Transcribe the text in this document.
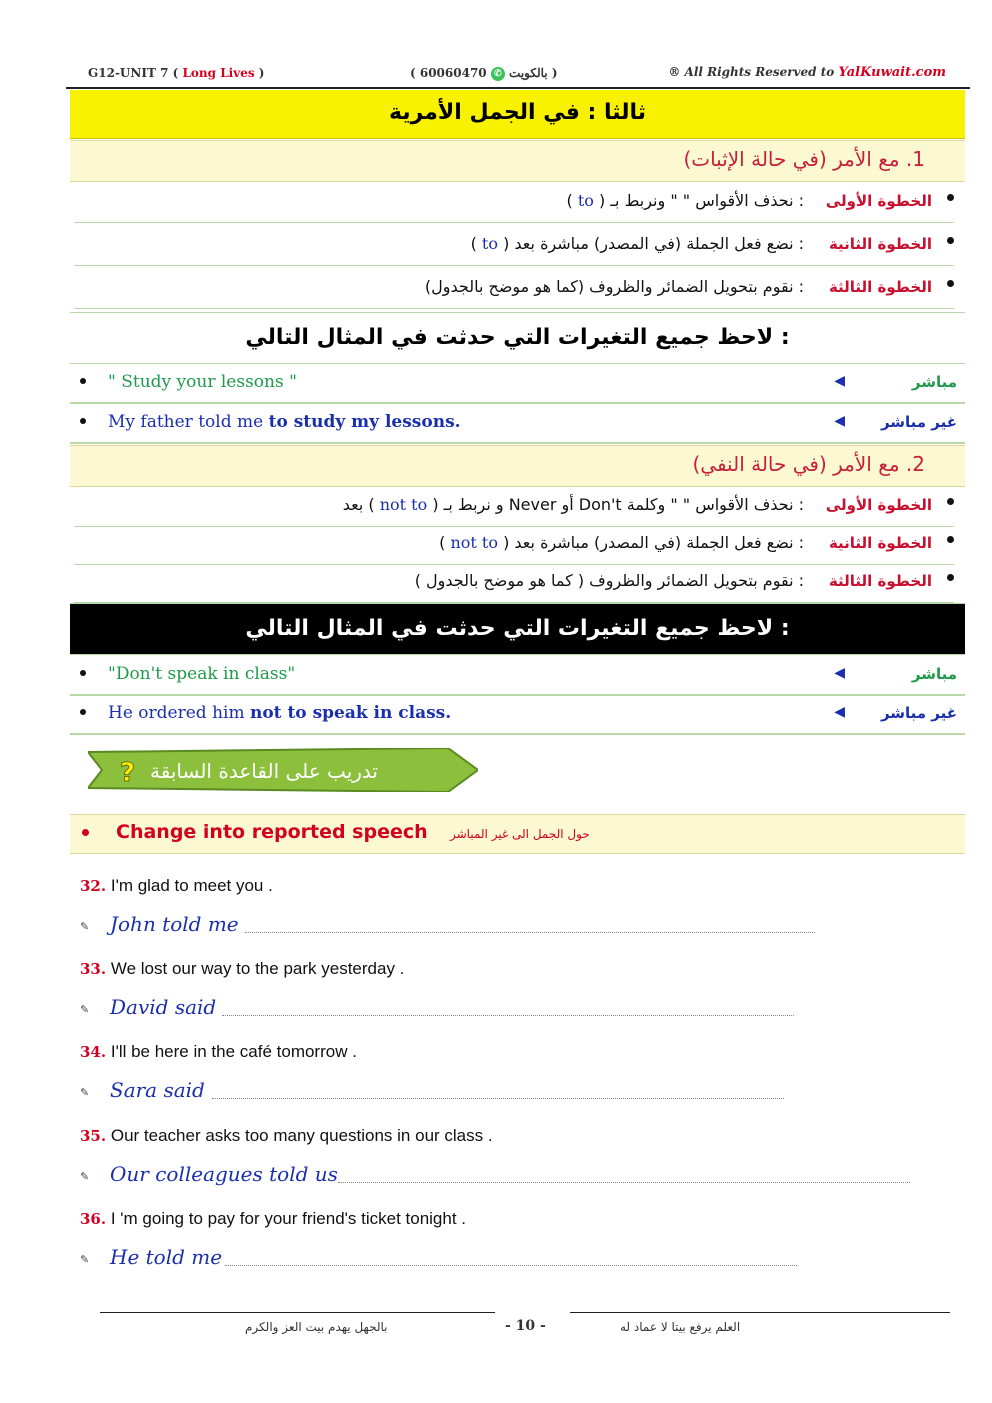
G12-UNIT 7 ( Long Lives )	( 60060470 ✆ بالكويت )	® All Rights Reserved to YalKuwait.com
ثالثا : في الجمل الأمرية
1. مع الأمر (في حالة الإثبات)
الخطوة الأولى
: نحذف الأقواس " " ونربط بـ ( to )
الخطوة الثانية
: نضع فعل الجملة (في المصدر) مباشرة بعد ( to )
الخطوة الثالثة
: نقوم بتحويل الضمائر والظروف (كما هو موضح بالجدول)
لاحظ جميع التغيرات التي حدثت في المثال التالي :
" Study your lessons "	◀	مباشر
My father told me to study my lessons.	◀ غير مباشر
2. مع الأمر (في حالة النفي)
الخطوة الأولى
: نحذف الأقواس " " وكلمة Don't أو Never و نربط بـ ( not to ) بعد
الخطوة الثانية
: نضع فعل الجملة (في المصدر) مباشرة بعد ( not to )
الخطوة الثالثة
: نقوم بتحويل الضمائر والظروف ( كما هو موضح بالجدول )
لاحظ جميع التغيرات التي حدثت في المثال التالي :
"Don't speak in class"	◀	مباشر
He ordered him not to speak in class.	◀ غير مباشر
? تدريب على القاعدة السابقة
Change into reported speech حول الجمل الى غير المباشر
32. I'm glad to meet you .
✎ John told me
33. We lost our way to the park yesterday .
✎ David said
34. I'll be here in the café tomorrow .
✎ Sara said
35. Our teacher asks too many questions in our class .
✎ Our colleagues told us
36. I 'm going to pay for your friend's ticket tonight .
✎ He told me
بالجهل يهدم بيت العز والكرم	- 10 -	العلم يرفع بيتا لا عماد له
